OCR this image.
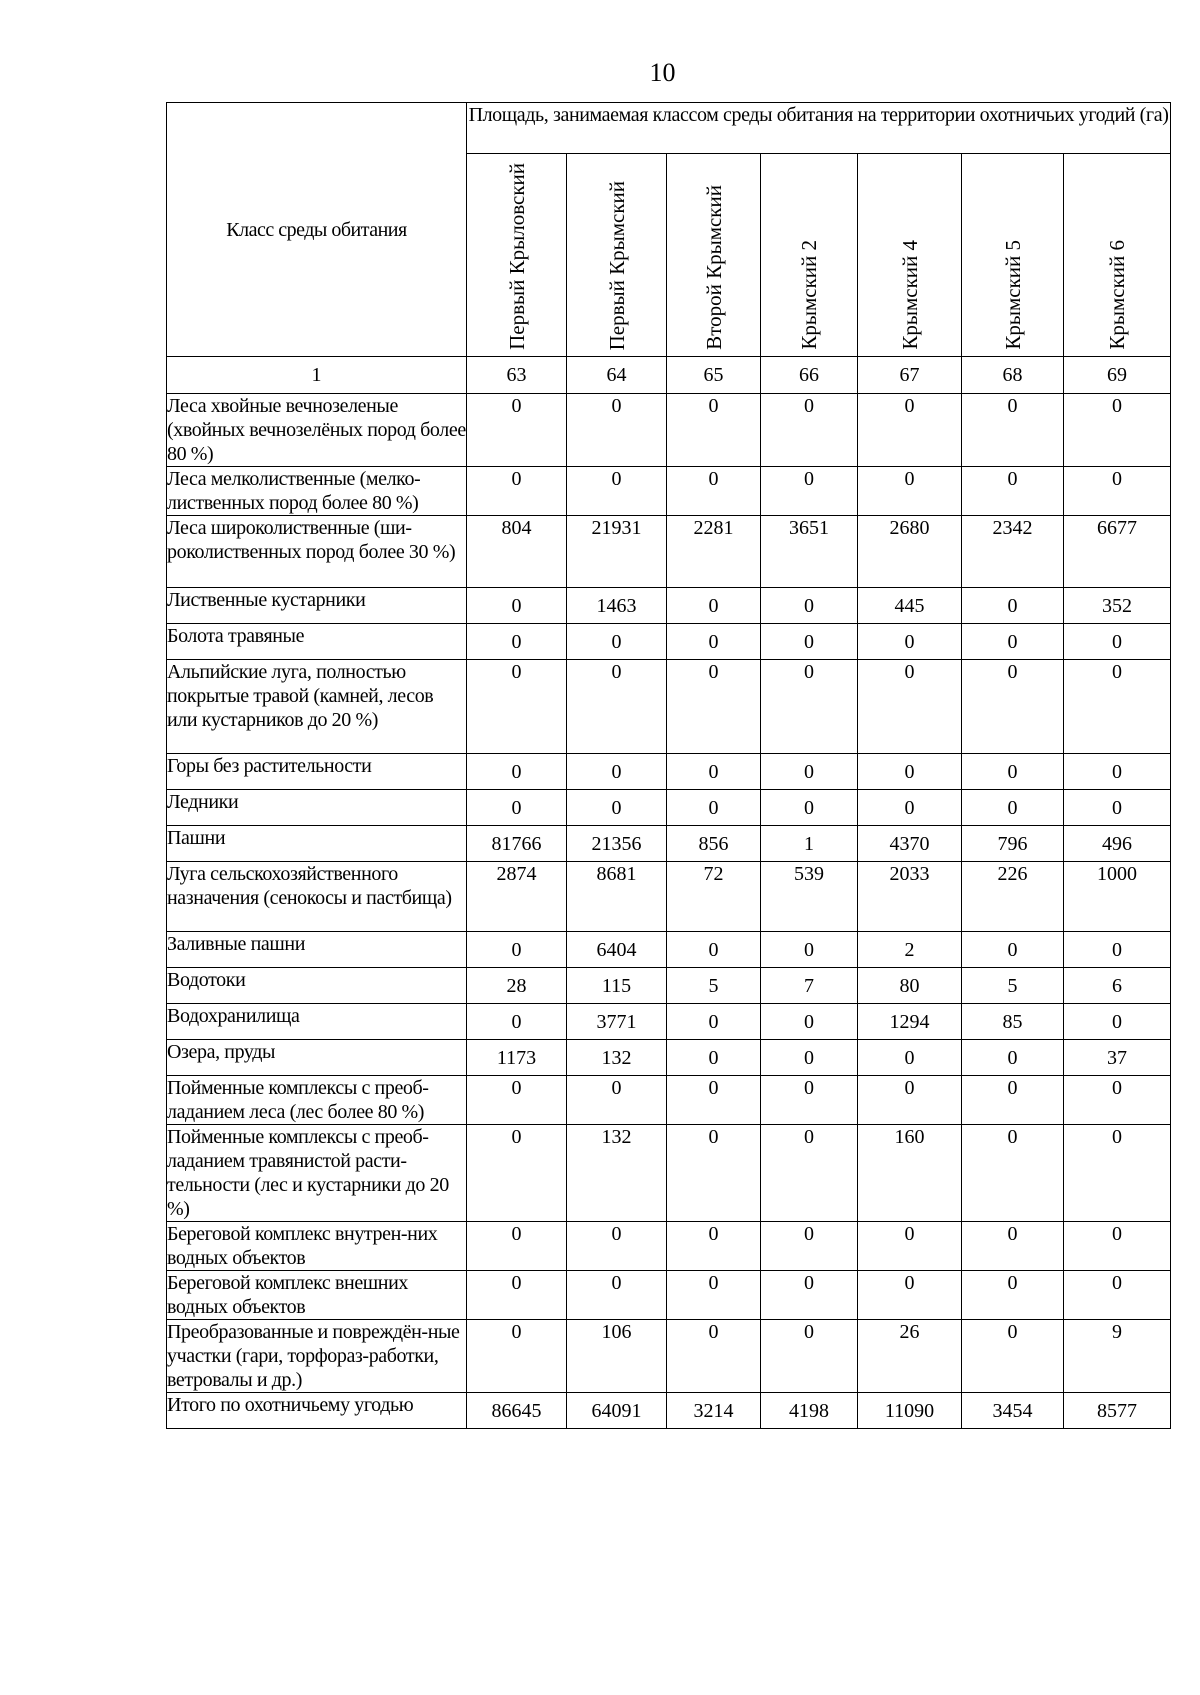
10
Класс среды обитания	Площадь, занимаемая классом среды обитания на территории охотничьих угодий (га)						

	Первый Крыловский	Первый Крымский	Второй Крымский	Крымский 2	Крымский 4	Крымский 5	Крымский 6

1	63	64	65	66	67	68	69
Леса хвойные вечнозеленые (хвойных вечнозелёных пород более 80 %)	0	0	0	0	0	0	0
Леса мелколиственные (мелко-лиственных пород более 80 %)	0	0	0	0	0	0	0
Леса широколиственные (ши-роколиственных пород более 30 %)	804	21931	2281	3651	2680	2342	6677
Лиственные кустарники	0	1463	0	0	445	0	352
Болота травяные	0	0	0	0	0	0	0
Альпийские луга, полностью покрытые травой (камней, лесов или кустарников до 20 %)	0	0	0	0	0	0	0
Горы без растительности	0	0	0	0	0	0	0
Ледники	0	0	0	0	0	0	0
Пашни	81766	21356	856	1	4370	796	496
Луга сельскохозяйственного назначения (сенокосы и пастбища)	2874	8681	72	539	2033	226	1000
Заливные пашни	0	6404	0	0	2	0	0
Водотоки	28	115	5	7	80	5	6
Водохранилища	0	3771	0	0	1294	85	0
Озера, пруды	1173	132	0	0	0	0	37
Пойменные комплексы с преоб-ладанием леса (лес более 80 %)	0	0	0	0	0	0	0
Пойменные комплексы с преоб-ладанием травянистой расти-тельности (лес и кустарники до 20 %)	0	132	0	0	160	0	0
Береговой комплекс внутрен-них водных объектов	0	0	0	0	0	0	0
Береговой комплекс внешних водных объектов	0	0	0	0	0	0	0
Преобразованные и повреждён-ные участки (гари, торфораз-работки, ветровалы и др.)	0	106	0	0	26	0	9
Итого по охотничьему угодью	86645	64091	3214	4198	11090	3454	8577
